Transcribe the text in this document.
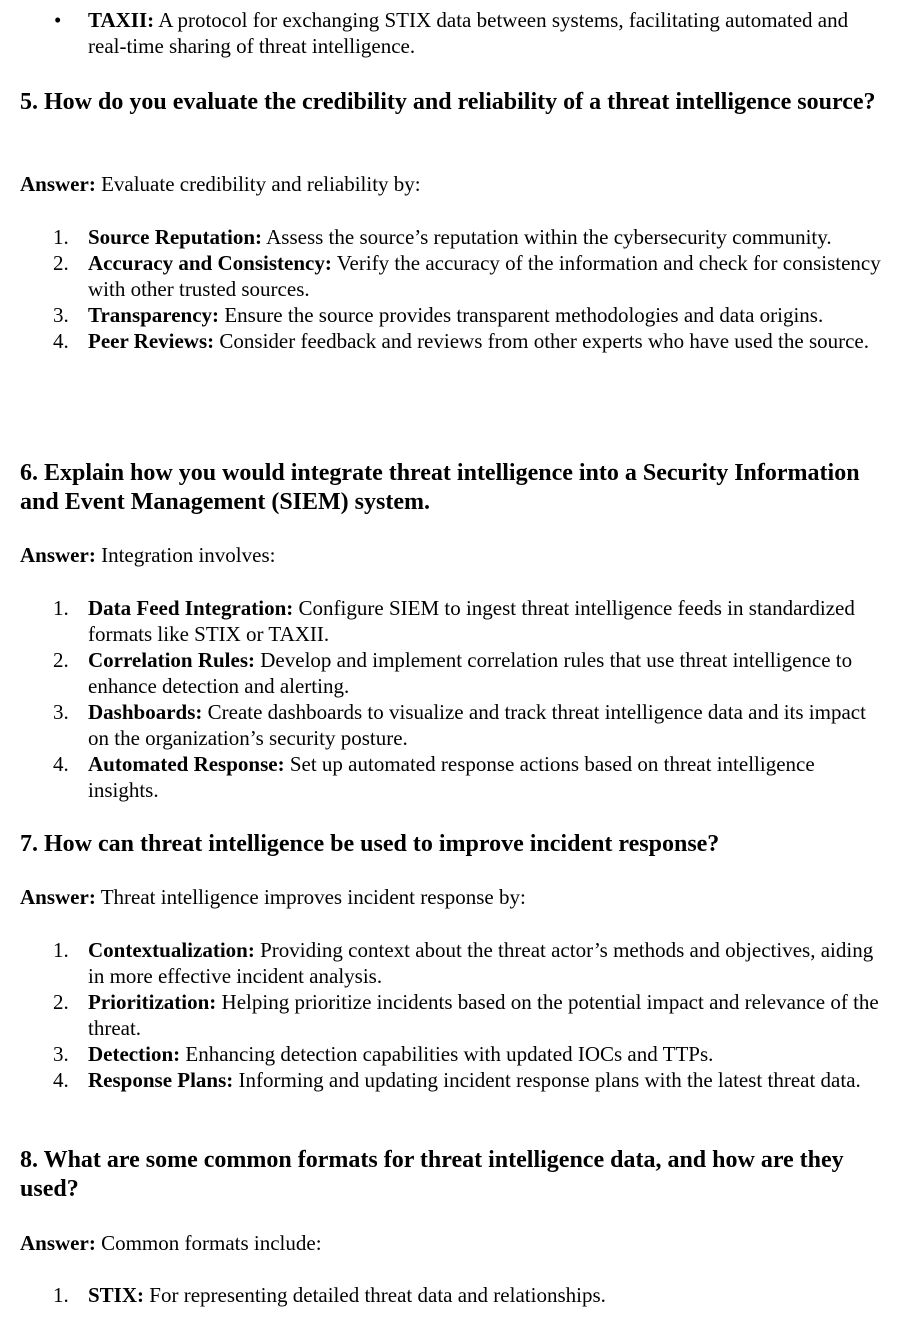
• TAXII: A protocol for exchanging STIX data between systems, facilitating automated and real-time sharing of threat intelligence.
5. How do you evaluate the credibility and reliability of a threat intelligence source?
Answer: Evaluate credibility and reliability by:
1. Source Reputation: Assess the source’s reputation within the cybersecurity community.
2. Accuracy and Consistency: Verify the accuracy of the information and check for consistency with other trusted sources.
3. Transparency: Ensure the source provides transparent methodologies and data origins.
4. Peer Reviews: Consider feedback and reviews from other experts who have used the source.
6. Explain how you would integrate threat intelligence into a Security Information and Event Management (SIEM) system.
Answer: Integration involves:
1. Data Feed Integration: Configure SIEM to ingest threat intelligence feeds in standardized formats like STIX or TAXII.
2. Correlation Rules: Develop and implement correlation rules that use threat intelligence to enhance detection and alerting.
3. Dashboards: Create dashboards to visualize and track threat intelligence data and its impact on the organization’s security posture.
4. Automated Response: Set up automated response actions based on threat intelligence insights.
7. How can threat intelligence be used to improve incident response?
Answer: Threat intelligence improves incident response by:
1. Contextualization: Providing context about the threat actor’s methods and objectives, aiding in more effective incident analysis.
2. Prioritization: Helping prioritize incidents based on the potential impact and relevance of the threat.
3. Detection: Enhancing detection capabilities with updated IOCs and TTPs.
4. Response Plans: Informing and updating incident response plans with the latest threat data.
8. What are some common formats for threat intelligence data, and how are they used?
Answer: Common formats include:
1. STIX: For representing detailed threat data and relationships.
